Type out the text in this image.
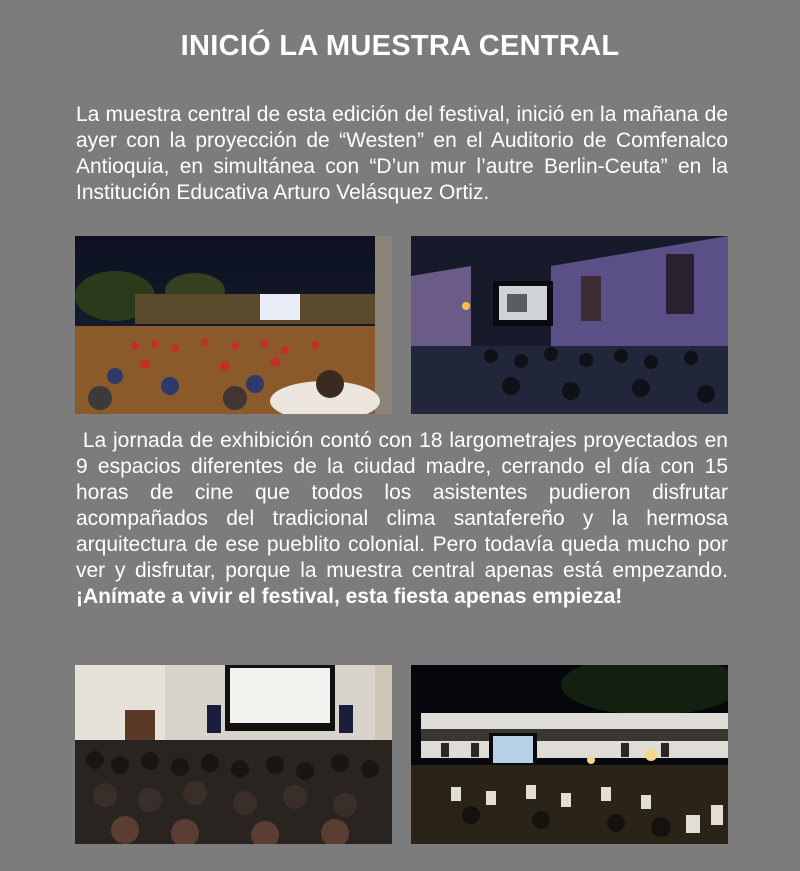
INICIÓ LA MUESTRA CENTRAL
La muestra central de esta edición del festival, inició en la mañana de ayer con la proyección de “Westen” en el Auditorio de Comfenalco Antioquia, en simultánea con “D’un mur l’autre Berlin-Ceuta” en la Institución Educativa Arturo Velásquez Ortiz.
La jornada de exhibición contó con 18 largometrajes proyectados en 9 espacios diferentes de la ciudad madre, cerrando el día con 15 horas de cine que todos los asistentes pudieron disfrutar acompañados del tradicional clima santafereño y la hermosa arquitectura de ese pueblito colonial. Pero todavía queda mucho por ver y disfrutar, porque la muestra central apenas está empezando. ¡Anímate a vivir el festival, esta fiesta apenas empieza!
